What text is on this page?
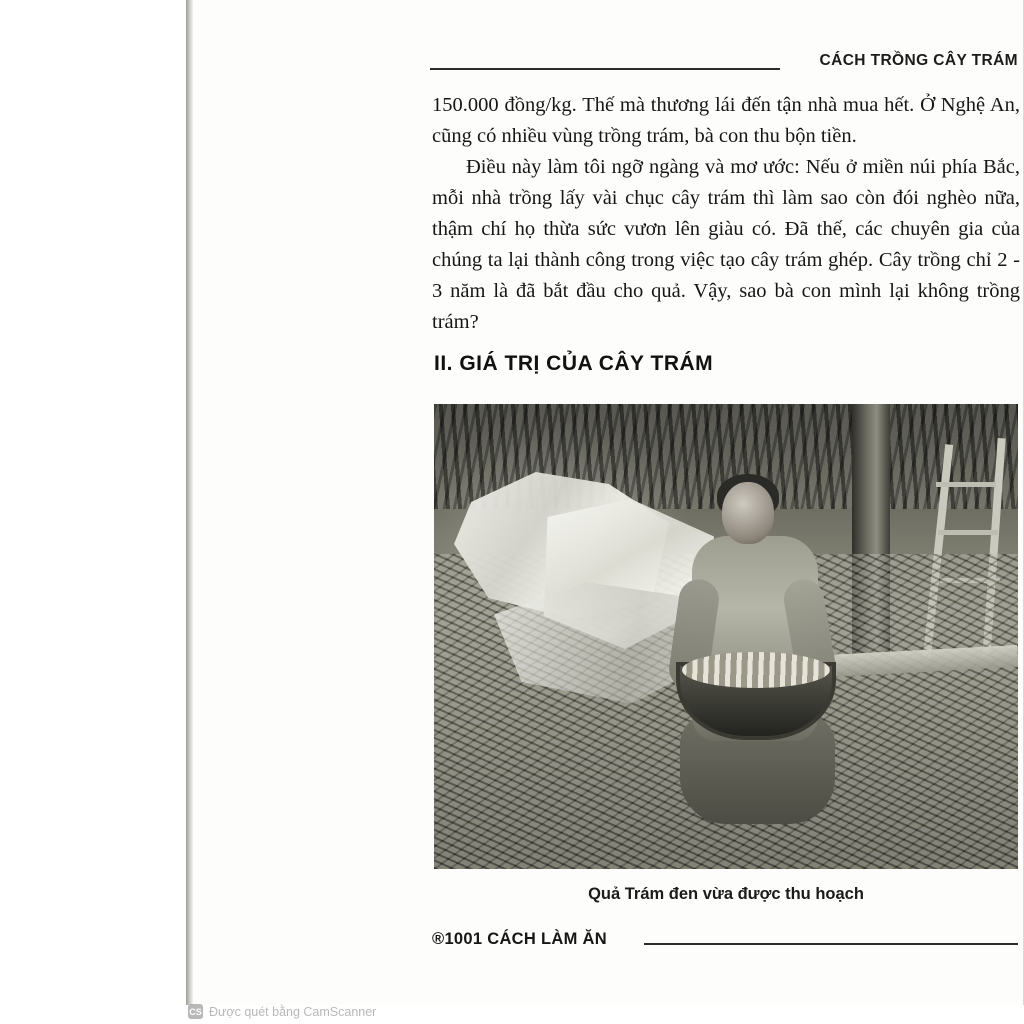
CÁCH TRỒNG CÂY TRÁM

150.000 đồng/kg. Thế mà thương lái đến tận nhà mua hết. Ở Nghệ An, cũng có nhiều vùng trồng trám, bà con thu bộn tiền.

Điều này làm tôi ngỡ ngàng và mơ ước: Nếu ở miền núi phía Bắc, mỗi nhà trồng lấy vài chục cây trám thì làm sao còn đói nghèo nữa, thậm chí họ thừa sức vươn lên giàu có. Đã thế, các chuyên gia của chúng ta lại thành công trong việc tạo cây trám ghép. Cây trồng chỉ 2 - 3 năm là đã bắt đầu cho quả. Vậy, sao bà con mình lại không trồng trám?

II. GIÁ TRỊ CỦA CÂY TRÁM
Quả Trám đen vừa được thu hoạch
®1001 CÁCH LÀM ĂN
CS Được quét bằng CamScanner
